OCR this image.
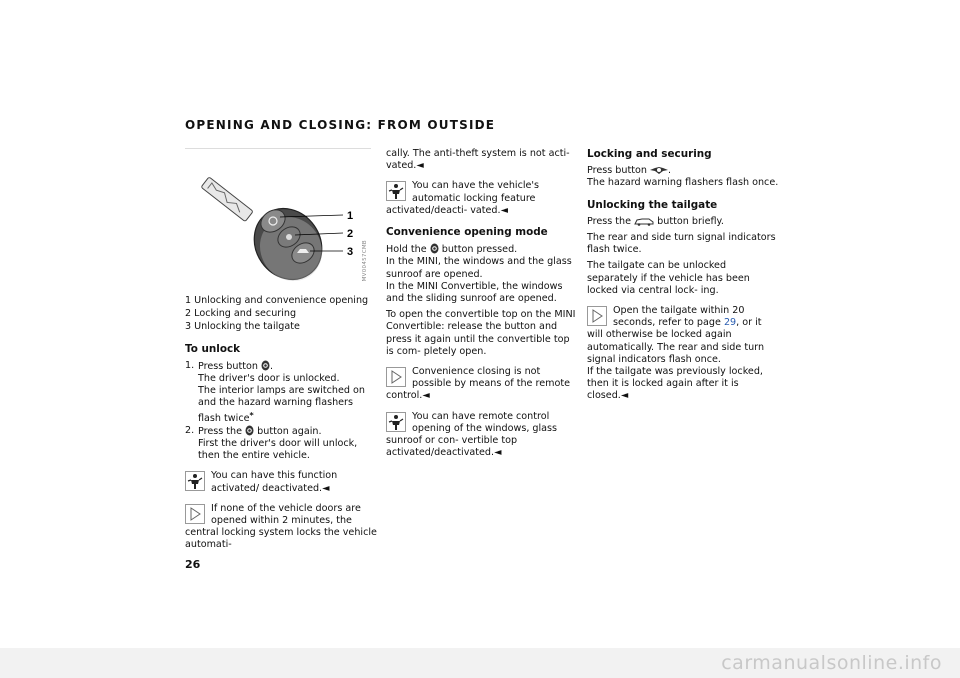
OPENING AND CLOSING: FROM OUTSIDE
1
2
3	MV00457CMB
1 Unlocking and convenience opening
2 Locking and securing
3 Unlocking the tailgate
To unlock
1. Press button .
The driver's door is unlocked.
The interior lamps are switched on and the hazard warning flashers flash twice*
2. Press the button again.
First the driver's door will unlock, then the entire vehicle.
You can have this function activated/ deactivated.◄
If none of the vehicle doors are opened within 2 minutes, the central locking system locks the vehicle automati-

cally. The anti-theft system is not acti- vated.◄

You can have the vehicle's automatic locking feature activated/deacti- vated.◄
Convenience opening mode

Hold the button pressed.
In the MINI, the windows and the glass sunroof are opened.
In the MINI Convertible, the windows and the sliding sunroof are opened.

To open the convertible top on the MINI Convertible: release the button and press it again until the convertible top is com- pletely open.

Convenience closing is not possible by means of the remote control.◄
You can have remote control opening of the windows, glass sunroof or con- vertible top activated/deactivated.◄
Locking and securing

Press button .
The hazard warning flashers flash once.

Unlocking the tailgate

Press the	button briefly.

The rear and side turn signal indicators flash twice.

The tailgate can be unlocked separately if the vehicle has been locked via central lock- ing.

Open the tailgate within 20 seconds, refer to page 29, or it will otherwise be locked again automatically. The rear and side turn signal indicators flash once.
If the tailgate was previously locked, then it is locked again after it is closed.◄
26
carmanualsonline.info
